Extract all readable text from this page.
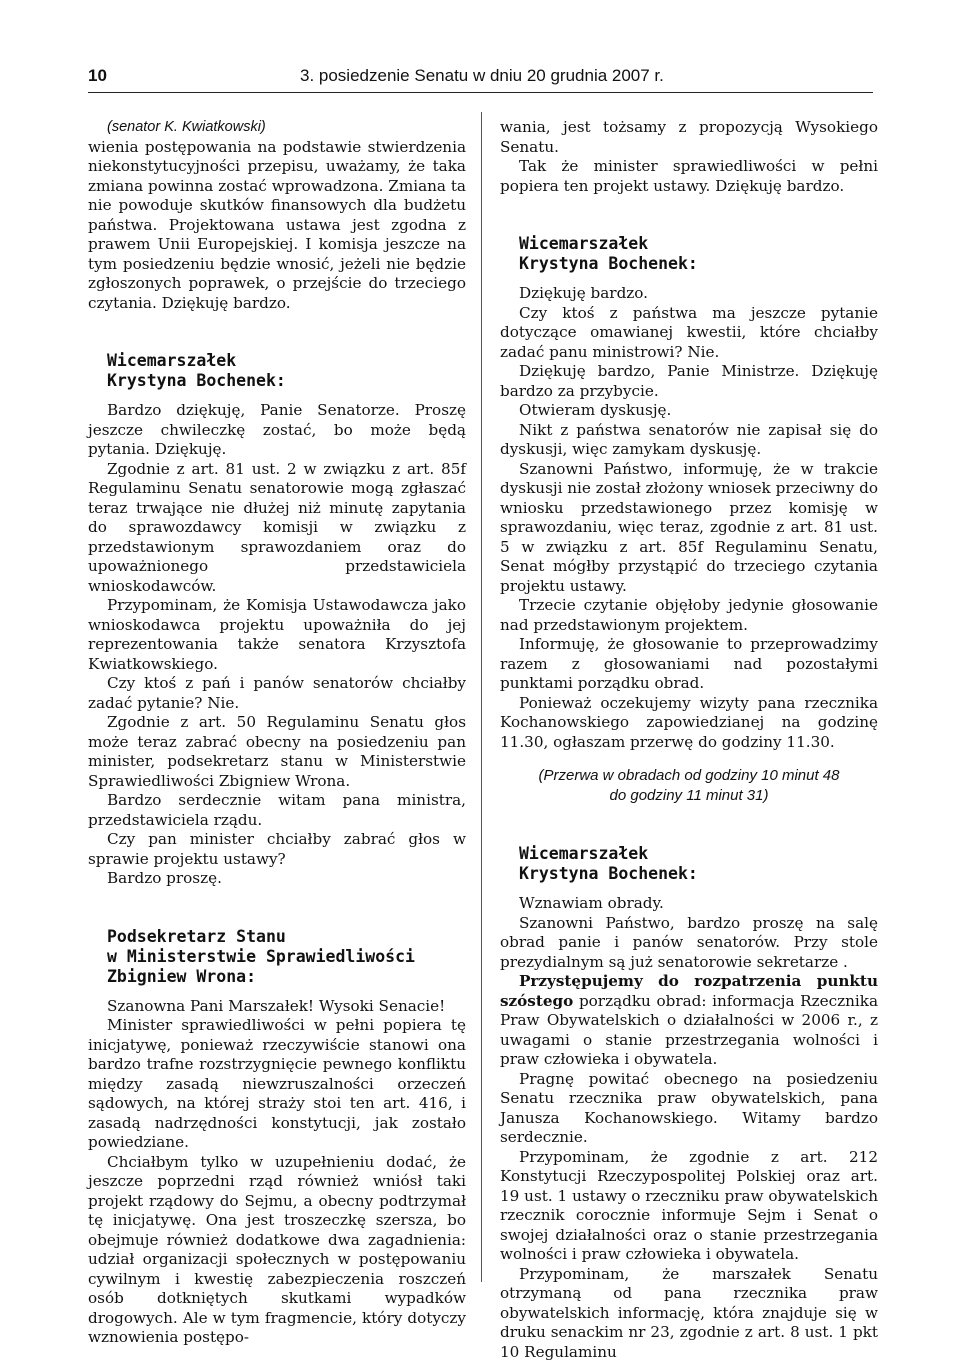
10	3. posiedzenie Senatu w dniu 20 grudnia 2007 r.

(senator K. Kwiatkowski)

wienia postępowania na podstawie stwierdzenia niekonstytucyjności przepisu, uważamy, że taka zmiana powinna zostać wprowadzona. Zmiana ta nie powoduje skutków finansowych dla budżetu państwa. Projektowana ustawa jest zgodna z prawem Unii Europejskiej. I komisja jeszcze na tym posiedzeniu będzie wnosić, jeżeli nie będzie zgłoszonych poprawek, o przejście do trzeciego czytania. Dziękuję bardzo.

Wicemarszałek
Krystyna Bochenek:

Bardzo dziękuję, Panie Senatorze. Proszę jeszcze chwileczkę zostać, bo może będą pytania. Dziękuję.

Zgodnie z art. 81 ust. 2 w związku z art. 85f Regulaminu Senatu senatorowie mogą zgłaszać teraz trwające nie dłużej niż minutę zapytania do sprawozdawcy komisji w związku z przedstawionym sprawozdaniem oraz do upoważnionego przedstawiciela wnioskodawców.

Przypominam, że Komisja Ustawodawcza jako wnioskodawca projektu upoważniła do jej reprezentowania także senatora Krzysztofa Kwiatkowskiego.

Czy ktoś z pań i panów senatorów chciałby zadać pytanie? Nie.

Zgodnie z art. 50 Regulaminu Senatu głos może teraz zabrać obecny na posiedzeniu pan minister, podsekretarz stanu w Ministerstwie Sprawiedliwości Zbigniew Wrona.

Bardzo serdecznie witam pana ministra, przedstawiciela rządu.

Czy pan minister chciałby zabrać głos w sprawie projektu ustawy?

Bardzo proszę.

Podsekretarz Stanu
w Ministerstwie Sprawiedliwości
Zbigniew Wrona:

Szanowna Pani Marszałek! Wysoki Senacie!

Minister sprawiedliwości w pełni popiera tę inicjatywę, ponieważ rzeczywiście stanowi ona bardzo trafne rozstrzygnięcie pewnego konfliktu między zasadą niewzruszalności orzeczeń sądowych, na której straży stoi ten art. 416, i zasadą nadrzędności konstytucji, jak zostało powiedziane.

Chciałbym tylko w uzupełnieniu dodać, że jeszcze poprzedni rząd również wniósł taki projekt rządowy do Sejmu, a obecny podtrzymał tę inicjatywę. Ona jest troszeczkę szersza, bo obejmuje również dodatkowe dwa zagadnienia: udział organizacji społecznych w postępowaniu cywilnym i kwestię zabezpieczenia roszczeń osób dotkniętych skutkami wypadków drogowych. Ale w tym fragmencie, który dotyczy wznowienia postępo-

wania, jest tożsamy z propozycją Wysokiego Senatu.

Tak że minister sprawiedliwości w pełni popiera ten projekt ustawy. Dziękuję bardzo.

Wicemarszałek
Krystyna Bochenek:

Dziękuję bardzo.

Czy ktoś z państwa ma jeszcze pytanie dotyczące omawianej kwestii, które chciałby zadać panu ministrowi? Nie.

Dziękuję bardzo, Panie Ministrze. Dziękuję bardzo za przybycie.

Otwieram dyskusję.

Nikt z państwa senatorów nie zapisał się do dyskusji, więc zamykam dyskusję.

Szanowni Państwo, informuję, że w trakcie dyskusji nie został złożony wniosek przeciwny do wniosku przedstawionego przez komisję w sprawozdaniu, więc teraz, zgodnie z art. 81 ust. 5 w związku z art. 85f Regulaminu Senatu, Senat mógłby przystąpić do trzeciego czytania projektu ustawy.

Trzecie czytanie objęłoby jedynie głosowanie nad przedstawionym projektem.

Informuję, że głosowanie to przeprowadzimy razem z głosowaniami nad pozostałymi punktami porządku obrad.

Ponieważ oczekujemy wizyty pana rzecznika Kochanowskiego zapowiedzianej na godzinę 11.30, ogłaszam przerwę do godziny 11.30.

(Przerwa w obradach od godziny 10 minut 48
do godziny 11 minut 31)
Wicemarszałek
Krystyna Bochenek:

Wznawiam obrady.

Szanowni Państwo, bardzo proszę na salę obrad panie i panów senatorów. Przy stole prezydialnym są już senatorowie sekretarze .

Przystępujemy do rozpatrzenia punktu szóstego porządku obrad: informacja Rzecznika Praw Obywatelskich o działalności w 2006 r., z uwagami o stanie przestrzegania wolności i praw człowieka i obywatela.

Pragnę powitać obecnego na posiedzeniu Senatu rzecznika praw obywatelskich, pana Janusza Kochanowskiego. Witamy bardzo serdecznie.

Przypominam, że zgodnie z art. 212 Konstytucji Rzeczypospolitej Polskiej oraz art. 19 ust. 1 ustawy o rzeczniku praw obywatelskich rzecznik corocznie informuje Sejm i Senat o swojej działalności oraz o stanie przestrzegania wolności i praw człowieka i obywatela.

Przypominam, że marszałek Senatu otrzymaną od pana rzecznika praw obywatelskich informację, która znajduje się w druku senackim nr 23, zgodnie z art. 8 ust. 1 pkt 10 Regulaminu
